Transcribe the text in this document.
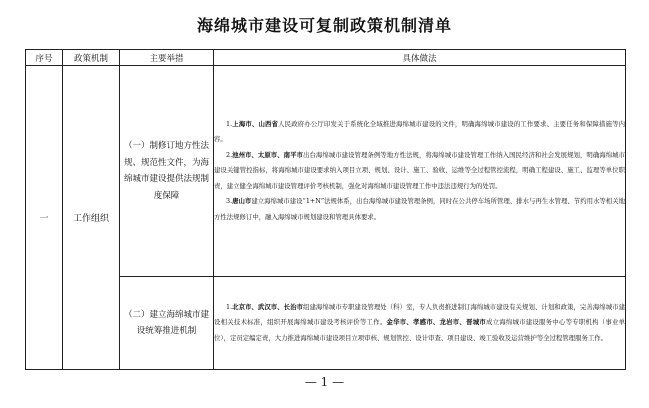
海绵城市建设可复制政策机制清单
序号	政策机制	主要举措	具体做法
一	工作组织	（一）制修订地方性法规、规范性文件，为海绵城市建设提供法规制度保障	1.上海市、山西省人民政府办公厅印发关于系统化全域推进海绵城市建设的文件，明确海绵城市建设的工作要求、主要任务和保障措施等内容。

2.池州市、太原市、南平市出台海绵城市建设管理条例等地方性法规，将海绵城市建设管理工作纳入国民经济和社会发展规划，明确海绵城市建设关键管控指标，将海绵城市建设要求纳入项目立项、规划、设计、施工、验收、运维等全过程管控流程，明确工程建设、施工、监理等单位职责，建立健全海绵城市建设管理评价考核机制，强化对海绵城市建设管理工作中违法违规行为的处罚。

3.唐山市建立海绵城市建设“1+N”法规体系，出台海绵城市建设管理条例，同时在公共停车场所管理、排水与再生水管理、节约用水等相关地方性法规修订中，融入海绵城市规划建设和管理具体要求。

		（二）建立海绵城市建设统筹推进机制	1.北京市、武汉市、长治市组建海绵城市专职建设管理处（科）室，专人负责推进制订海绵城市建设有关规划、计划和政策，完善海绵城市建设相关技术标准，组织开展海绵城市建设考核评价等工作。金华市、孝感市、龙岩市、晋城市成立海绵城市建设服务中心等专职机构（事业单位），定员定编定责，大力推进海绵城市建设项目立项审核、规划管控、设计审查、项目建设、竣工验收及运营维护等全过程管理服务工作。

— 1 —
